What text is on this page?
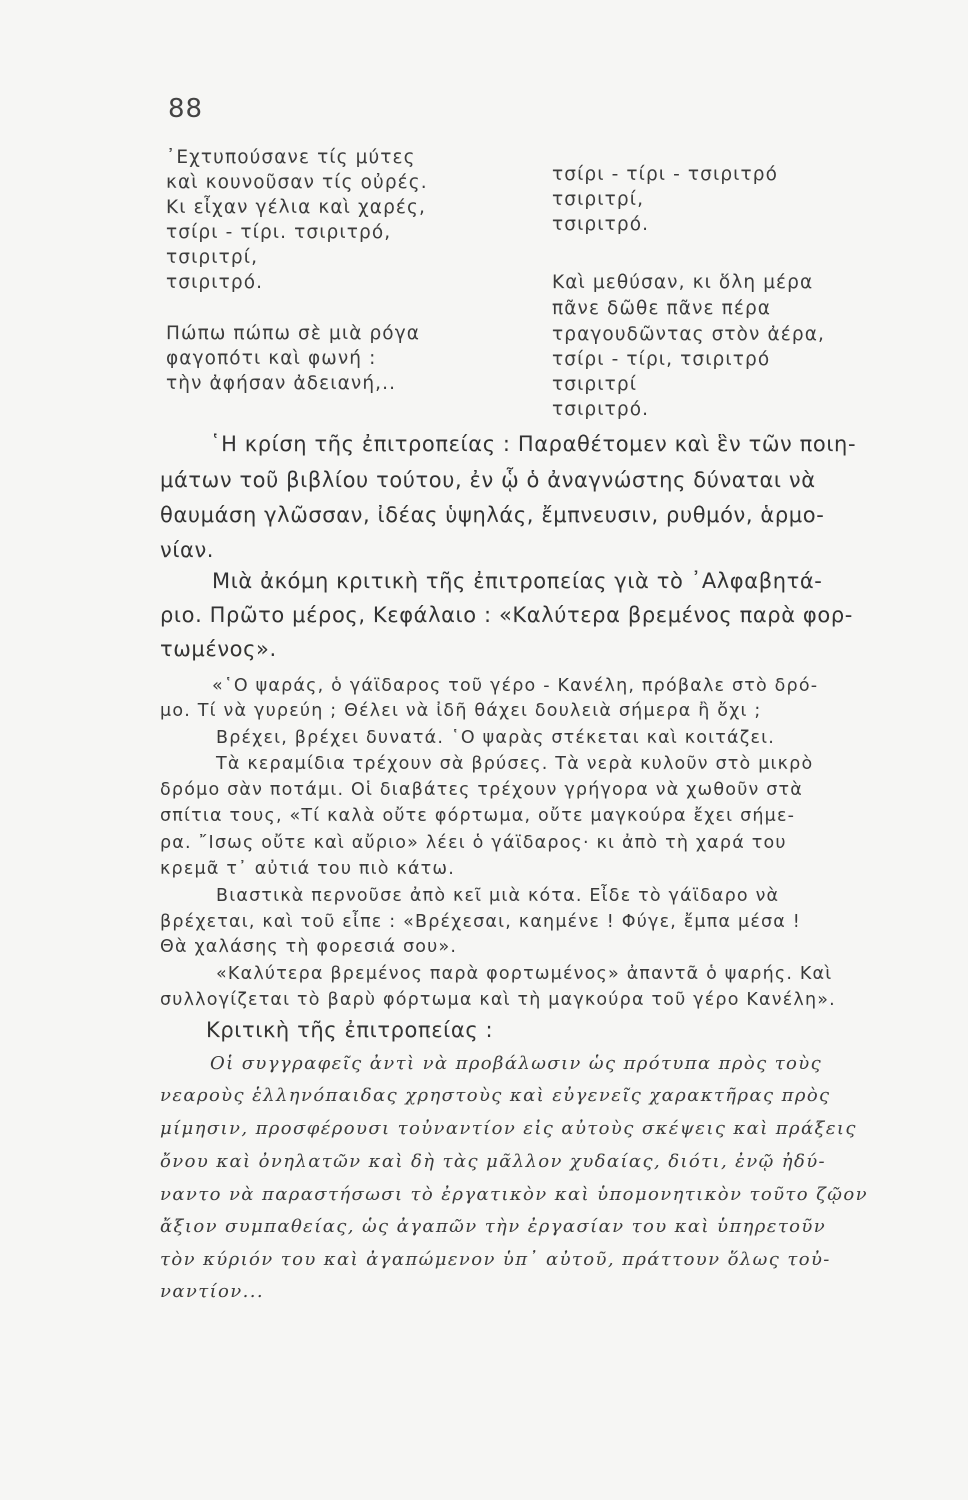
88
᾿Εχτυπούσανε τίς μύτες
καὶ κουνοῦσαν τίς οὐρές.
Κι εἶχαν γέλια καὶ χαρές,
τσίρι - τίρι. τσιριτρό,
τσιριτρί,
τσιριτρό.
Πώπω πώπω σὲ μιὰ ρόγα
φαγοπότι καὶ φωνή :
τὴν ἀφήσαν ἀδειανή,..
τσίρι - τίρι - τσιριτρό
τσιριτρί,
τσιριτρό.
Καὶ μεθύσαν, κι ὅλη μέρα
πᾶνε δῶθε πᾶνε πέρα
τραγουδῶντας στὸν ἀέρα,
τσίρι - τίρι, τσιριτρό
τσιριτρί
τσιριτρό.
῾Η κρίση τῆς ἐπιτροπείας : Παραθέτομεν καὶ ἓν τῶν ποιη-
μάτων τοῦ βιβλίου τούτου, ἐν ᾧ ὁ ἀναγνώστης δύναται νὰ
θαυμάση γλῶσσαν, ἰδέας ὑψηλάς, ἔμπνευσιν, ρυθμόν, ἁρμο-
νίαν.
Μιὰ ἀκόμη κριτικὴ τῆς ἐπιτροπείας γιὰ τὸ ᾿Αλφαβητά-
ριο. Πρῶτο μέρος, Κεφάλαιο : «Καλύτερα βρεμένος παρὰ φορ-
τωμένος».
«῾Ο ψαράς, ὁ γάϊδαρος τοῦ γέρο - Κανέλη, πρόβαλε στὸ δρό-
μο. Τί νὰ γυρεύη ; Θέλει νὰ ἰδῆ θάχει δουλειὰ σήμερα ἢ ὄχι ;
Βρέχει, βρέχει δυνατά. ῾Ο ψαρὰς στέκεται καὶ κοιτάζει.
Τὰ κεραμίδια τρέχουν σὰ βρύσες. Τὰ νερὰ κυλοῦν στὸ μικρὸ
δρόμο σὰν ποτάμι. Οἱ διαβάτες τρέχουν γρήγορα νὰ χωθοῦν στὰ
σπίτια τους, «Τί καλὰ οὔτε φόρτωμα, οὔτε μαγκούρα ἔχει σήμε-
ρα. ῎Ισως οὔτε καὶ αὔριο» λέει ὁ γάϊδαρος· κι ἀπὸ τὴ χαρά του
κρεμᾶ τ᾿ αὐτιά του πιὸ κάτω.
Βιαστικὰ περνοῦσε ἀπὸ κεῖ μιὰ κότα. Εἶδε τὸ γάϊδαρο νὰ
βρέχεται, καὶ τοῦ εἶπε : «Βρέχεσαι, καημένε ! Φύγε, ἔμπα μέσα !
Θὰ χαλάσης τὴ φορεσιά σου».
«Καλύτερα βρεμένος παρὰ φορτωμένος» ἀπαντᾶ ὁ ψαρής. Καὶ
συλλογίζεται τὸ βαρὺ φόρτωμα καὶ τὴ μαγκούρα τοῦ γέρο Κανέλη».
Κριτικὴ τῆς ἐπιτροπείας :
Οἱ συγγραφεῖς ἀντὶ νὰ προβάλωσιν ὡς πρότυπα πρὸς τοὺς
νεαροὺς ἑλληνόπαιδας χρηστοὺς καὶ εὐγενεῖς χαρακτῆρας πρὸς
μίμησιν, προσφέρουσι τοὐναντίον εἰς αὐτοὺς σκέψεις καὶ πράξεις
ὄνου καὶ ὀνηλατῶν καὶ δὴ τὰς μᾶλλον χυδαίας, διότι, ἐνῷ ἠδύ-
ναντο νὰ παραστήσωσι τὸ ἐργατικὸν καὶ ὑπομονητικὸν τοῦτο ζῷον
ἄξιον συμπαθείας, ὡς ἀγαπῶν τὴν ἐργασίαν του καὶ ὑπηρετοῦν
τὸν κύριόν του καὶ ἀγαπώμενον ὑπ᾿ αὐτοῦ, πράττουν ὅλως τοὐ-
ναντίον...
